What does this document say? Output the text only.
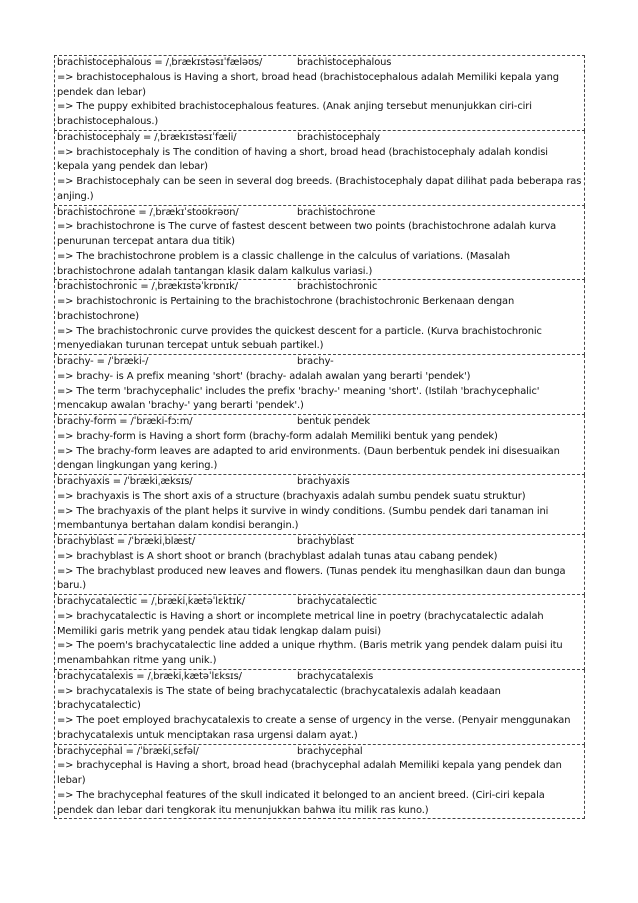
brachistocephalous = /ˌbrækɪstəsɪˈfæləʊs/	brachistocephalous
=> brachistocephalous is Having a short, broad head (brachistocephalous adalah Memiliki kepala yang pendek dan lebar)
=> The puppy exhibited brachistocephalous features. (Anak anjing tersebut menunjukkan ciri-ciri brachistocephalous.)
brachistocephaly = /ˌbrækɪstəsɪˈfæli/	brachistocephaly
=> brachistocephaly is The condition of having a short, broad head (brachistocephaly adalah kondisi kepala yang pendek dan lebar)
=> Brachistocephaly can be seen in several dog breeds. (Brachistocephaly dapat dilihat pada beberapa ras anjing.)
brachistochrone = /ˌbrækɪˈstoʊkrəʊn/	brachistochrone
=> brachistochrone is The curve of fastest descent between two points (brachistochrone adalah kurva penurunan tercepat antara dua titik)
=> The brachistochrone problem is a classic challenge in the calculus of variations. (Masalah brachistochrone adalah tantangan klasik dalam kalkulus variasi.)
brachistochronic = /ˌbrækɪstəˈkrɒnɪk/	brachistochronic
=> brachistochronic is Pertaining to the brachistochrone (brachistochronic Berkenaan dengan brachistochrone)
=> The brachistochronic curve provides the quickest descent for a particle. (Kurva brachistochronic menyediakan turunan tercepat untuk sebuah partikel.)
brachy- = /ˈbræki-/	brachy-
=> brachy- is A prefix meaning 'short' (brachy- adalah awalan yang berarti 'pendek')
=> The term 'brachycephalic' includes the prefix 'brachy-' meaning 'short'. (Istilah 'brachycephalic' mencakup awalan 'brachy-' yang berarti 'pendek'.)
brachy-form = /ˈbræki-fɔːm/	bentuk pendek
=> brachy-form is Having a short form (brachy-form adalah Memiliki bentuk yang pendek)
=> The brachy-form leaves are adapted to arid environments. (Daun berbentuk pendek ini disesuaikan dengan lingkungan yang kering.)
brachyaxis = /ˈbrækiˌæksɪs/	brachyaxis
=> brachyaxis is The short axis of a structure (brachyaxis adalah sumbu pendek suatu struktur)
=> The brachyaxis of the plant helps it survive in windy conditions. (Sumbu pendek dari tanaman ini membantunya bertahan dalam kondisi berangin.)
brachyblast = /ˈbrækiˌblæst/	brachyblast
=> brachyblast is A short shoot or branch (brachyblast adalah tunas atau cabang pendek)
=> The brachyblast produced new leaves and flowers. (Tunas pendek itu menghasilkan daun dan bunga baru.)
brachycatalectic = /ˌbrækiˌkætəˈlɛktɪk/	brachycatalectic
=> brachycatalectic is Having a short or incomplete metrical line in poetry (brachycatalectic adalah Memiliki garis metrik yang pendek atau tidak lengkap dalam puisi)
=> The poem's brachycatalectic line added a unique rhythm. (Baris metrik yang pendek dalam puisi itu menambahkan ritme yang unik.)
brachycatalexis = /ˌbrækiˌkætəˈlɛksɪs/	brachycatalexis
=> brachycatalexis is The state of being brachycatalectic (brachycatalexis adalah keadaan brachycatalectic)
=> The poet employed brachycatalexis to create a sense of urgency in the verse. (Penyair menggunakan brachycatalexis untuk menciptakan rasa urgensi dalam ayat.)
brachycephal = /ˈbrækiˌsɛfəl/	brachycephal
=> brachycephal is Having a short, broad head (brachycephal adalah Memiliki kepala yang pendek dan lebar)
=> The brachycephal features of the skull indicated it belonged to an ancient breed. (Ciri-ciri kepala pendek dan lebar dari tengkorak itu menunjukkan bahwa itu milik ras kuno.)
